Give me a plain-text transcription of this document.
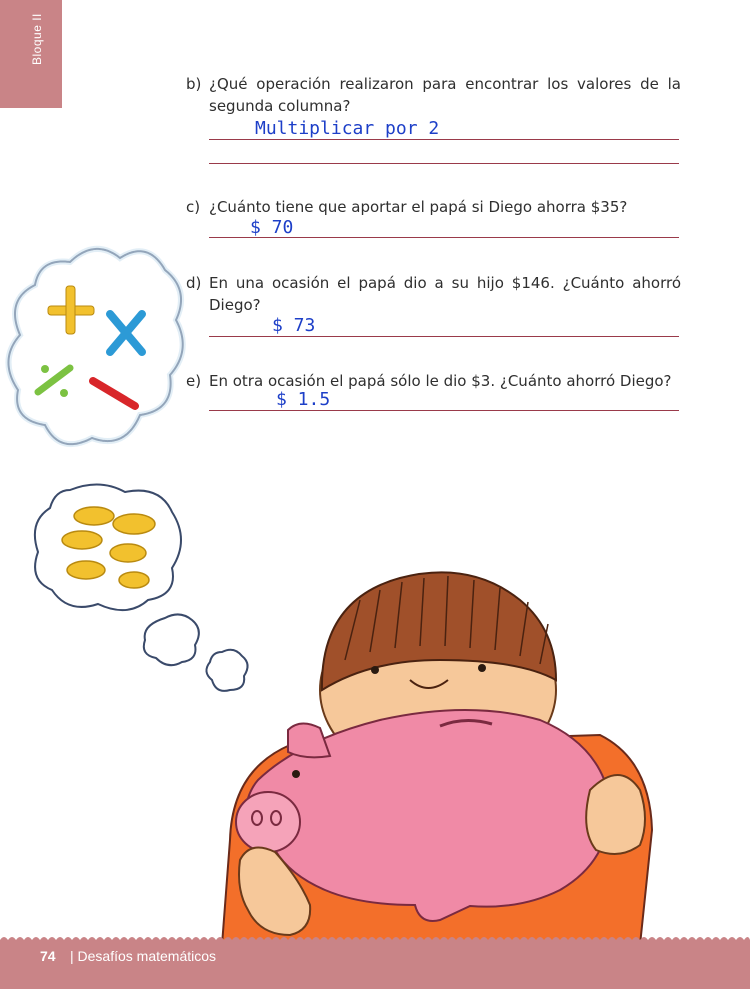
Bloque II
b) ¿Qué operación realizaron para encontrar los valores de la segunda columna?
Multiplicar por 2
c) ¿Cuánto tiene que aportar el papá si Diego ahorra $35?
$ 70
d) En una ocasión el papá dio a su hijo $146. ¿Cuánto ahorró Diego?
$ 73
e) En otra ocasión el papá sólo le dio $3. ¿Cuánto ahorró Diego?
$ 1.5
74
|	Desafíos matemáticos
